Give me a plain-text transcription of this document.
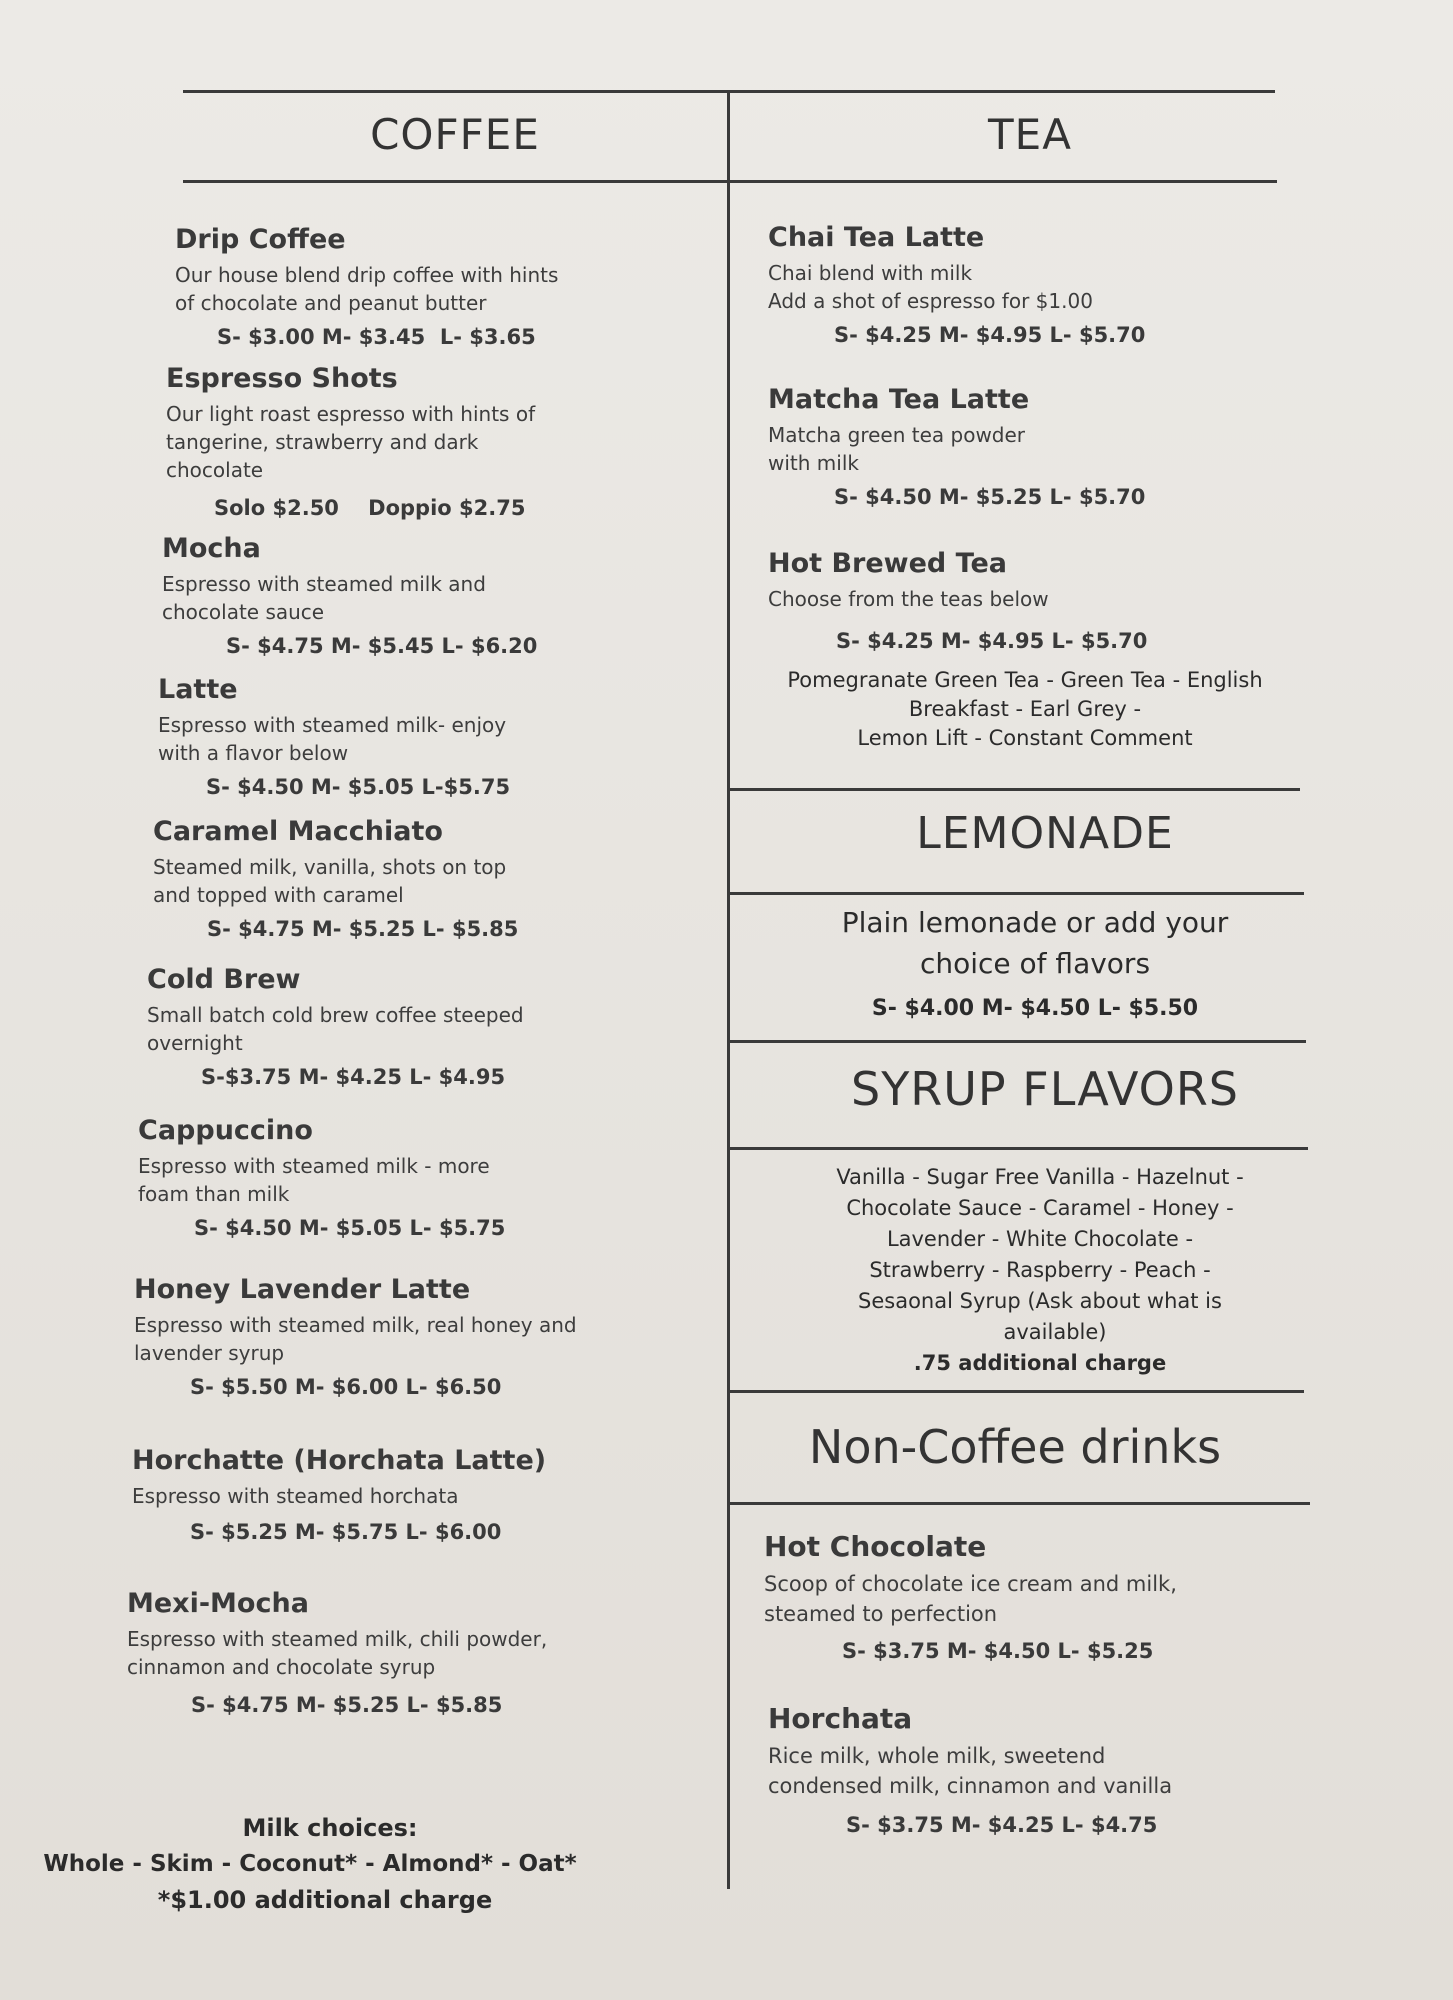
COFFEE	TEA
LEMONADE
SYRUP FLAVORS
Non-Coffee drinks
Drip Coffee
Our house blend drip coffee with hints
of chocolate and peanut butter
S- $3.00 M- $3.45  L- $3.65
Espresso Shots
Our light roast espresso with hints of
tangerine, strawberry and dark
chocolate
Solo $2.50    Doppio $2.75
Mocha
Espresso with steamed milk and
chocolate sauce
S- $4.75 M- $5.45 L- $6.20
Latte
Espresso with steamed milk- enjoy
with a flavor below
S- $4.50 M- $5.05 L-$5.75
Caramel Macchiato
Steamed milk, vanilla, shots on top
and topped with caramel
S- $4.75 M- $5.25 L- $5.85
Cold Brew
Small batch cold brew coffee steeped
overnight
S-$3.75 M- $4.25 L- $4.95
Cappuccino
Espresso with steamed milk - more
foam than milk
S- $4.50 M- $5.05 L- $5.75
Honey Lavender Latte
Espresso with steamed milk, real honey and
lavender syrup
S- $5.50 M- $6.00 L- $6.50
Horchatte (Horchata Latte)
Espresso with steamed horchata
S- $5.25 M- $5.75 L- $6.00
Mexi-Mocha
Espresso with steamed milk, chili powder,
cinnamon and chocolate syrup
S- $4.75 M- $5.25 L- $5.85
Milk choices:
Whole - Skim - Coconut* - Almond* - Oat*
*$1.00 additional charge
Chai Tea Latte
Chai blend with milk
Add a shot of espresso for $1.00
S- $4.25 M- $4.95 L- $5.70
Matcha Tea Latte
Matcha green tea powder
with milk
S- $4.50 M- $5.25 L- $5.70
Hot Brewed Tea
Choose from the teas below
S- $4.25 M- $4.95 L- $5.70
Pomegranate Green Tea - Green Tea - English
Breakfast - Earl Grey -
Lemon Lift - Constant Comment
Plain lemonade or add your
choice of flavors
S- $4.00 M- $4.50 L- $5.50
Vanilla - Sugar Free Vanilla - Hazelnut -
Chocolate Sauce - Caramel - Honey -
Lavender - White Chocolate -
Strawberry - Raspberry - Peach -
Sesaonal Syrup (Ask about what is
available)
.75 additional charge
Hot Chocolate
Scoop of chocolate ice cream and milk,
steamed to perfection
S- $3.75 M- $4.50 L- $5.25
Horchata
Rice milk, whole milk, sweetend
condensed milk, cinnamon and vanilla
S- $3.75 M- $4.25 L- $4.75
